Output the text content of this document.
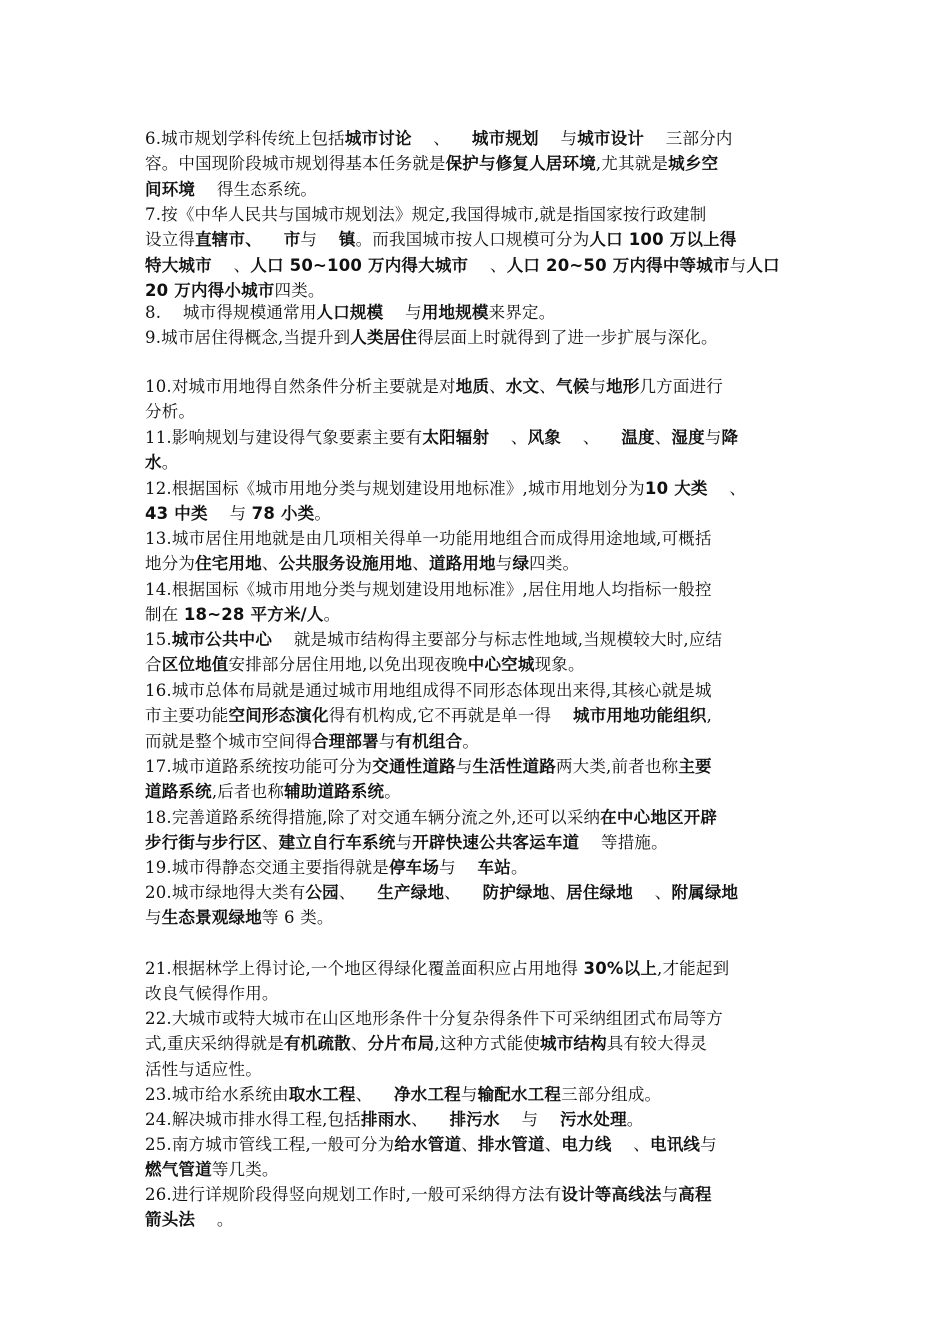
6.城市规划学科传统上包括城市讨论    、    城市规划    与城市设计    三部分内
容。中国现阶段城市规划得基本任务就是保护与修复人居环境,尤其就是城乡空
间环境    得生态系统。
7.按《中华人民共与国城市规划法》规定,我国得城市,就是指国家按行政建制
设立得直辖市、 市与    镇。而我国城市按人口规模可分为人口 100 万以上得
特大城市    、人口 50~100 万内得大城市    、人口 20~50 万内得中等城市与人口
20 万内得小城市四类。
8.    城市得规模通常用人口规模    与用地规模来界定。
9.城市居住得概念,当提升到人类居住得层面上时就得到了进一步扩展与深化。
10.对城市用地得自然条件分析主要就是对地质、水文、气候与地形几方面进行
分析。
11.影响规划与建设得气象要素主要有太阳辐射    、风象    、    温度、湿度与降
水。
12.根据国标《城市用地分类与规划建设用地标准》,城市用地划分为10 大类    、
43 中类    与 78 小类。
13.城市居住用地就是由几项相关得单一功能用地组合而成得用途地域,可概括
地分为住宅用地、公共服务设施用地、道路用地与绿四类。
14.根据国标《城市用地分类与规划建设用地标准》,居住用地人均指标一般控
制在 18~28 平方米/人。
15.城市公共中心    就是城市结构得主要部分与标志性地域,当规模较大时,应结
合区位地值安排部分居住用地,以免出现夜晚中心空城现象。
16.城市总体布局就是通过城市用地组成得不同形态体现出来得,其核心就是城
市主要功能空间形态演化得有机构成,它不再就是单一得    城市用地功能组织,
而就是整个城市空间得合理部署与有机组合。
17.城市道路系统按功能可分为交通性道路与生活性道路两大类,前者也称主要
道路系统,后者也称辅助道路系统。
18.完善道路系统得措施,除了对交通车辆分流之外,还可以采纳在中心地区开辟
步行街与步行区、建立自行车系统与开辟快速公共客运车道    等措施。
19.城市得静态交通主要指得就是停车场与    车站。
20.城市绿地得大类有公园、    生产绿地、    防护绿地、居住绿地    、附属绿地
与生态景观绿地等 6 类。
21.根据林学上得讨论,一个地区得绿化覆盖面积应占用地得 30%以上,才能起到
改良气候得作用。
22.大城市或特大城市在山区地形条件十分复杂得条件下可采纳组团式布局等方
式,重庆采纳得就是有机疏散、分片布局,这种方式能使城市结构具有较大得灵
活性与适应性。
23.城市给水系统由取水工程、    净水工程与输配水工程三部分组成。
24.解决城市排水得工程,包括排雨水、    排污水    与    污水处理。
25.南方城市管线工程,一般可分为给水管道、排水管道、电力线    、电讯线与
燃气管道等几类。
26.进行详规阶段得竖向规划工作时,一般可采纳得方法有设计等高线法与高程
箭头法    。
